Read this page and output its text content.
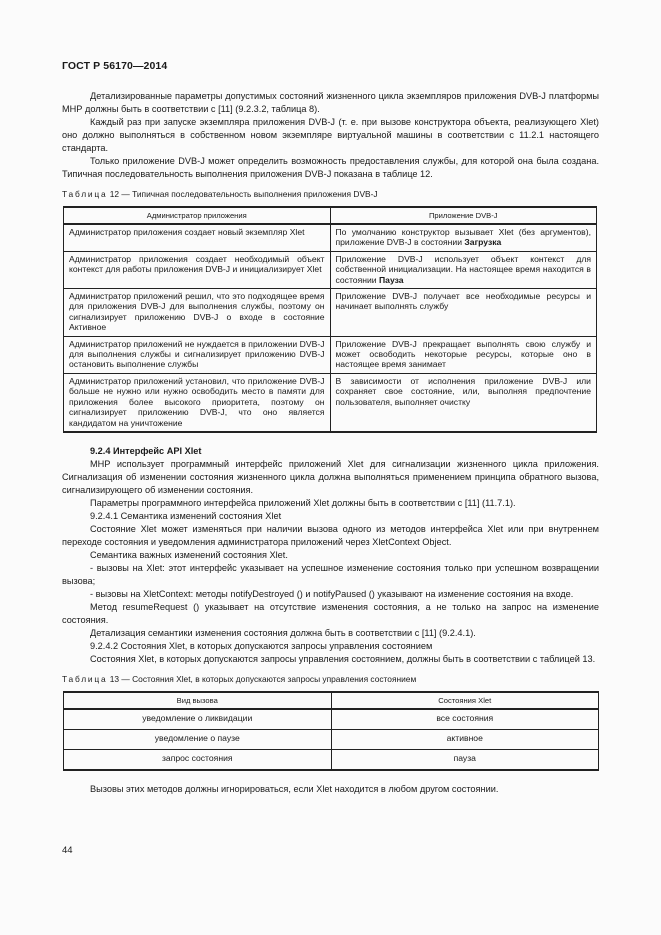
ГОСТ Р 56170—2014

Детализированные параметры допустимых состояний жизненного цикла экземпляров приложения DVB-J платформы МНР должны быть в соответствии с [11] (9.2.3.2, таблица 8).

Каждый раз при запуске экземпляра приложения DVB-J (т. е. при вызове конструктора объекта, реализующего Xlet) оно должно выполняться в собственном новом экземпляре виртуальной машины в соответствии с 11.2.1 настоящего стандарта.

Только приложение DVB-J может определить возможность предоставления службы, для которой она была создана. Типичная последовательность выполнения приложения DVB-J показана в таблице 12.

Таблица 12 — Типичная последовательность выполнения приложения DVB-J
Администратор приложения	Приложение DVB-J
Администратор приложения создает новый экземпляр Xlet	По умолчанию конструктор вызывает Xlet (без аргументов), приложение DVB-J в состоянии Загрузка
Администратор приложения создает необходимый объект контекст для работы приложения DVB-J и инициализирует Xlet	Приложение DVB-J использует объект контекст для собственной инициализации. На настоящее время находится в состоянии Пауза
Администратор приложений решил, что это подходящее время для приложения DVB-J для выполнения службы, поэтому он сигнализирует приложению DVB-J о входе в состояние Активное	Приложение DVB-J получает все необходимые ресурсы и начинает выполнять службу
Администратор приложений не нуждается в приложении DVB-J для выполнения службы и сигнализирует приложению DVB-J остановить выполнение службы	Приложение DVB-J прекращает выполнять свою службу и может освободить некоторые ресурсы, которые оно в настоящее время занимает
Администратор приложений установил, что приложение DVB-J больше не нужно или нужно освободить место в памяти для приложения более высокого приоритета, поэтому он сигнализирует приложению DVB-J, что оно является кандидатом на уничтожение	В зависимости от исполнения приложение DVB-J или сохраняет свое состояние, или, выполняя предпочтение пользователя, выполняет очистку

9.2.4 Интерфейс API Xlet

МНР использует программный интерфейс приложений Xlet для сигнализации жизненного цикла приложения. Сигнализация об изменении состояния жизненного цикла должна выполняться применением принципа обратного вызова, сигнализирующего об изменении состояния.

Параметры программного интерфейса приложений Xlet должны быть в соответствии с [11] (11.7.1).

9.2.4.1 Семантика изменений состояния Xlet

Состояние Xlet может изменяться при наличии вызова одного из методов интерфейса Xlet или при внутреннем переходе состояния и уведомления администратора приложений через XletContext Object.

Семантика важных изменений состояния Xlet.

- вызовы на Xlet: этот интерфейс указывает на успешное изменение состояния только при успешном возвращении вызова;

- вызовы на XletContext: методы notifyDestroyed () и notifyPaused () указывают на изменение состояния на входе.

Метод resumeRequest () указывает на отсутствие изменения состояния, а не только на запрос на изменение состояния.

Детализация семантики изменения состояния должна быть в соответствии с [11] (9.2.4.1).

9.2.4.2 Состояния Xlet, в которых допускаются запросы управления состоянием

Состояния Xlet, в которых допускаются запросы управления состоянием, должны быть в соответствии с таблицей 13.

Таблица 13 — Состояния Xlet, в которых допускаются запросы управления состоянием
Вид вызова	Состояния Xlet
уведомление о ликвидации	все состояния
уведомление о паузе	активное
запрос состояния	пауза

Вызовы этих методов должны игнорироваться, если Xlet находится в любом другом состоянии.

44
